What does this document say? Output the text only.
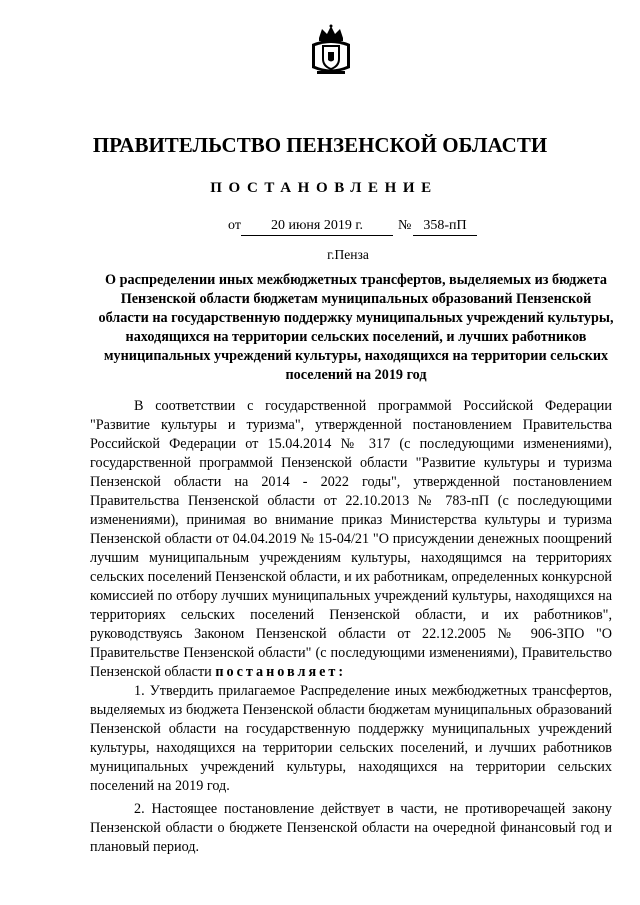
ПРАВИТЕЛЬСТВО ПЕНЗЕНСКОЙ ОБЛАСТИ
ПОСТАНОВЛЕНИЕ
от	20 июня 2019 г.	№ 358-пП
г.Пенза

О распределении иных межбюджетных трансфертов, выделяемых из бюджета Пензенской области бюджетам муниципальных образований Пензенской области на государственную поддержку муниципальных учреждений культуры, находящихся на территории сельских поселений, и лучших работников муниципальных учреждений культуры, находящихся на территории сельских поселений на 2019 год

В соответствии с государственной программой Российской Федерации "Развитие культуры и туризма", утвержденной постановлением Правительства Российской Федерации от 15.04.2014 № 317 (с последующими изменениями), государственной программой Пензенской области "Развитие культуры и туризма Пензенской области на 2014 - 2022 годы", утвержденной постановлением Правительства Пензенской области от 22.10.2013 № 783-пП (с последующими изменениями), принимая во внимание приказ Министерства культуры и туризма Пензенской области от 04.04.2019 № 15-04/21 "О присуждении денежных поощрений лучшим муниципальным учреждениям культуры, находящимся на территориях сельских поселений Пензенской области, и их работникам, определенных конкурсной комиссией по отбору лучших муниципальных учреждений культуры, находящихся на территориях сельских поселений Пензенской области, и их работников", руководствуясь Законом Пензенской области от 22.12.2005 № 906-ЗПО "О Правительстве Пензенской области" (с последующими изменениями), Правительство Пензенской области постановляет:

1. Утвердить прилагаемое Распределение иных межбюджетных трансфертов, выделяемых из бюджета Пензенской области бюджетам муниципальных образований Пензенской области на государственную поддержку муниципальных учреждений культуры, находящихся на территории сельских поселений, и лучших работников муниципальных учреждений культуры, находящихся на территории сельских поселений на 2019 год.

2. Настоящее постановление действует в части, не противоречащей закону Пензенской области о бюджете Пензенской области на очередной финансовый год и плановый период.
